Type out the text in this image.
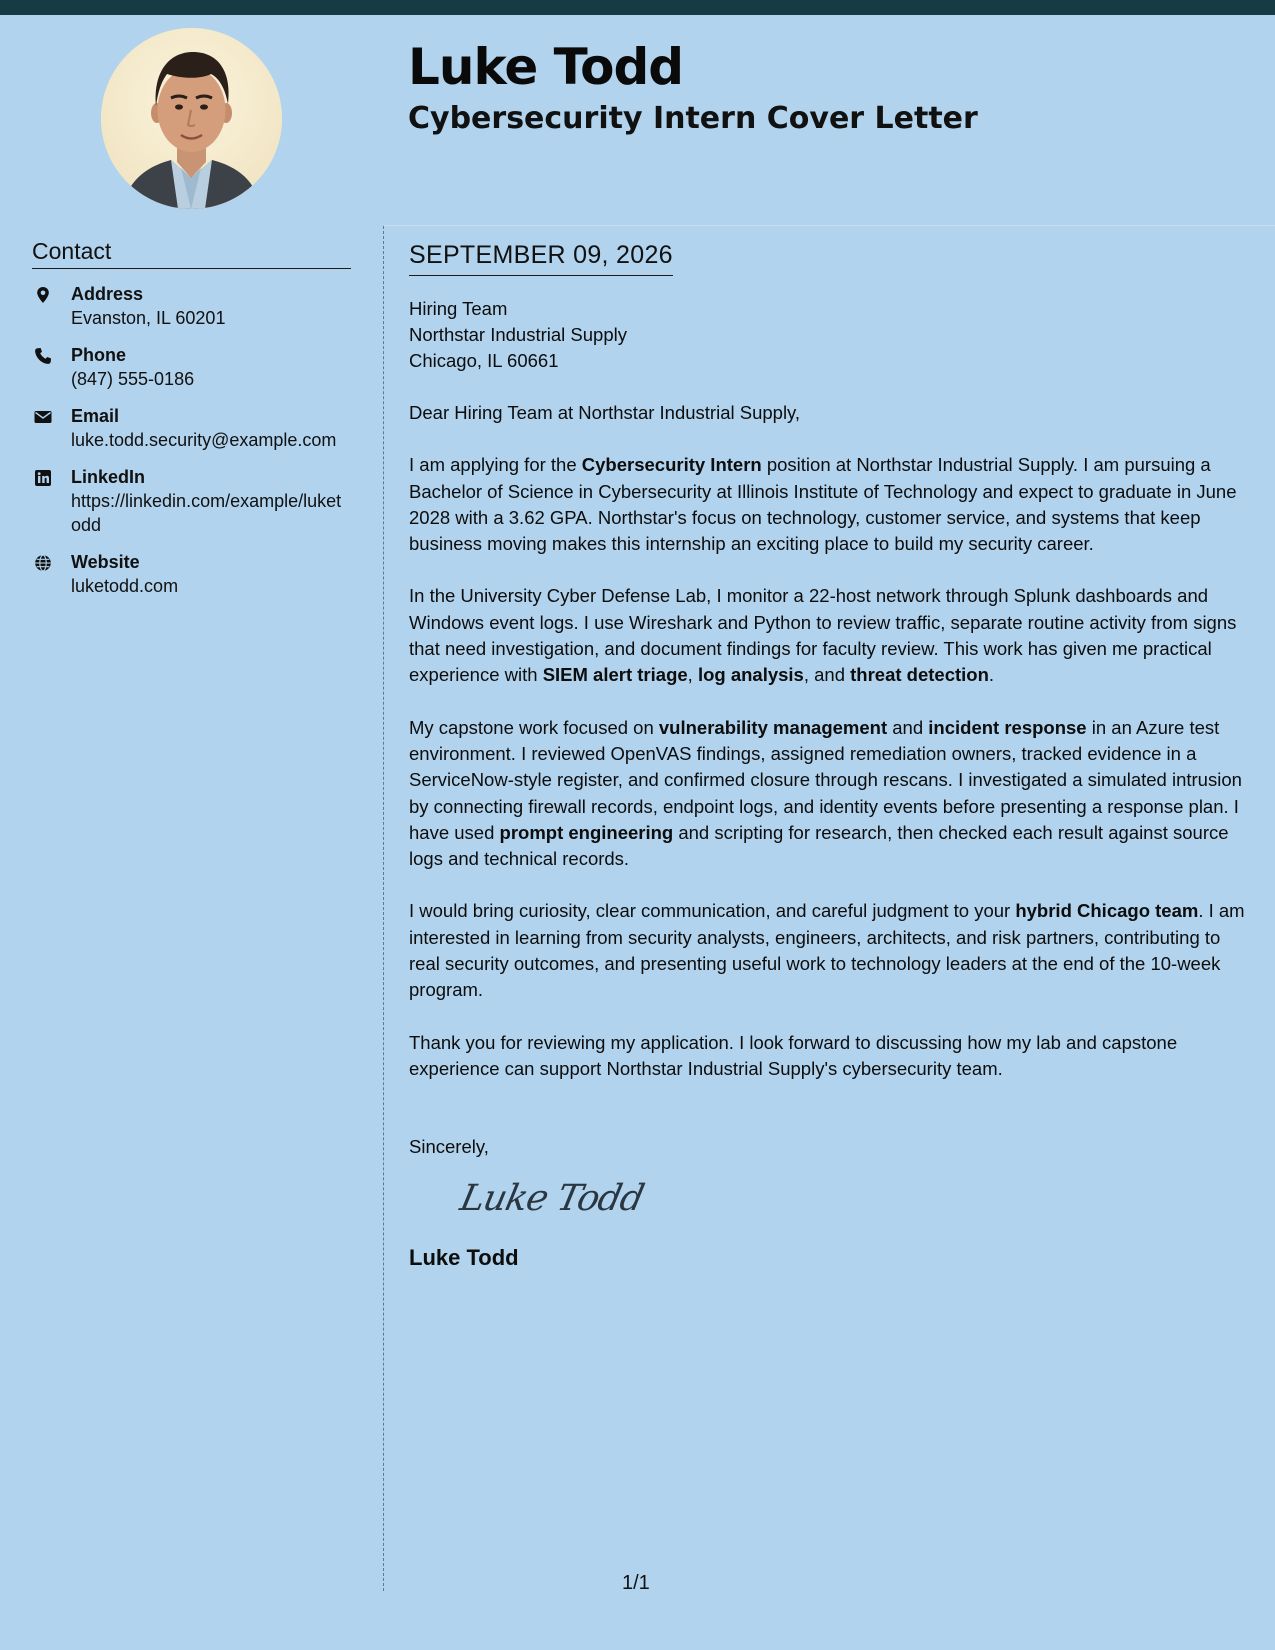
Luke Todd
Cybersecurity Intern Cover Letter
Contact
Address
Evanston, IL 60201
Phone
(847) 555-0186
Email
luke.todd.security@example.com
LinkedIn
https://linkedin.com/example/luketodd
Website
luketodd.com
SEPTEMBER 09, 2026
Hiring Team
Northstar Industrial Supply
Chicago, IL 60661
Dear Hiring Team at Northstar Industrial Supply,

I am applying for the Cybersecurity Intern position at Northstar Industrial Supply. I am pursuing a Bachelor of Science in Cybersecurity at Illinois Institute of Technology and expect to graduate in June 2028 with a 3.62 GPA. Northstar's focus on technology, customer service, and systems that keep business moving makes this internship an exciting place to build my security career.

In the University Cyber Defense Lab, I monitor a 22-host network through Splunk dashboards and Windows event logs. I use Wireshark and Python to review traffic, separate routine activity from signs that need investigation, and document findings for faculty review. This work has given me practical experience with SIEM alert triage, log analysis, and threat detection.

My capstone work focused on vulnerability management and incident response in an Azure test environment. I reviewed OpenVAS findings, assigned remediation owners, tracked evidence in a ServiceNow-style register, and confirmed closure through rescans. I investigated a simulated intrusion by connecting firewall records, endpoint logs, and identity events before presenting a response plan. I have used prompt engineering and scripting for research, then checked each result against source logs and technical records.

I would bring curiosity, clear communication, and careful judgment to your hybrid Chicago team. I am interested in learning from security analysts, engineers, architects, and risk partners, contributing to real security outcomes, and presenting useful work to technology leaders at the end of the 10-week program.

Thank you for reviewing my application. I look forward to discussing how my lab and capstone experience can support Northstar Industrial Supply's cybersecurity team.

Sincerely,
Luke Todd
Luke Todd
1/1
